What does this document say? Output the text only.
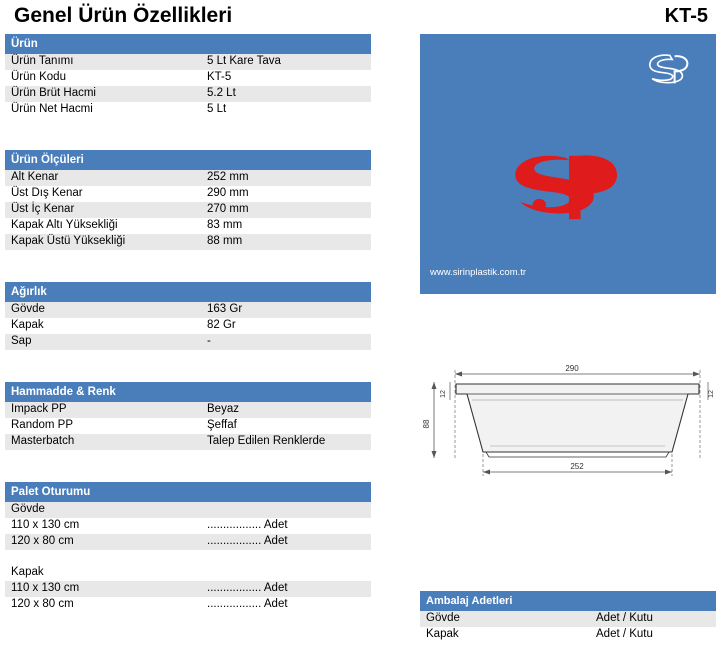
Genel Ürün Özellikleri	KT-5
Ürün
Ürün Tanımı	5 Lt Kare Tava
Ürün Kodu	KT-5
Ürün Brüt Hacmi	5.2 Lt
Ürün Net Hacmi	5 Lt
Ürün Ölçüleri
Alt Kenar	252 mm
Üst Dış Kenar	290 mm
Üst İç Kenar	270 mm
Kapak Altı Yüksekliği	83 mm
Kapak Üstü Yüksekliği	88 mm
Ağırlık
Gövde	163 Gr
Kapak	82 Gr
Sap	-
Hammadde & Renk
Impack PP	Beyaz
Random PP	Şeffaf
Masterbatch	Talep Edilen Renklerde
Palet Oturumu
Gövde	
110 x 130 cm	................. Adet
120 x 80 cm	................. Adet

Kapak	
110 x 130 cm	................. Adet
120 x 80 cm	................. Adet
www.sirinplastik.com.tr
290
88
12	12
252
Ambalaj Adetleri
Gövde	Adet / Kutu
Kapak	Adet / Kutu
